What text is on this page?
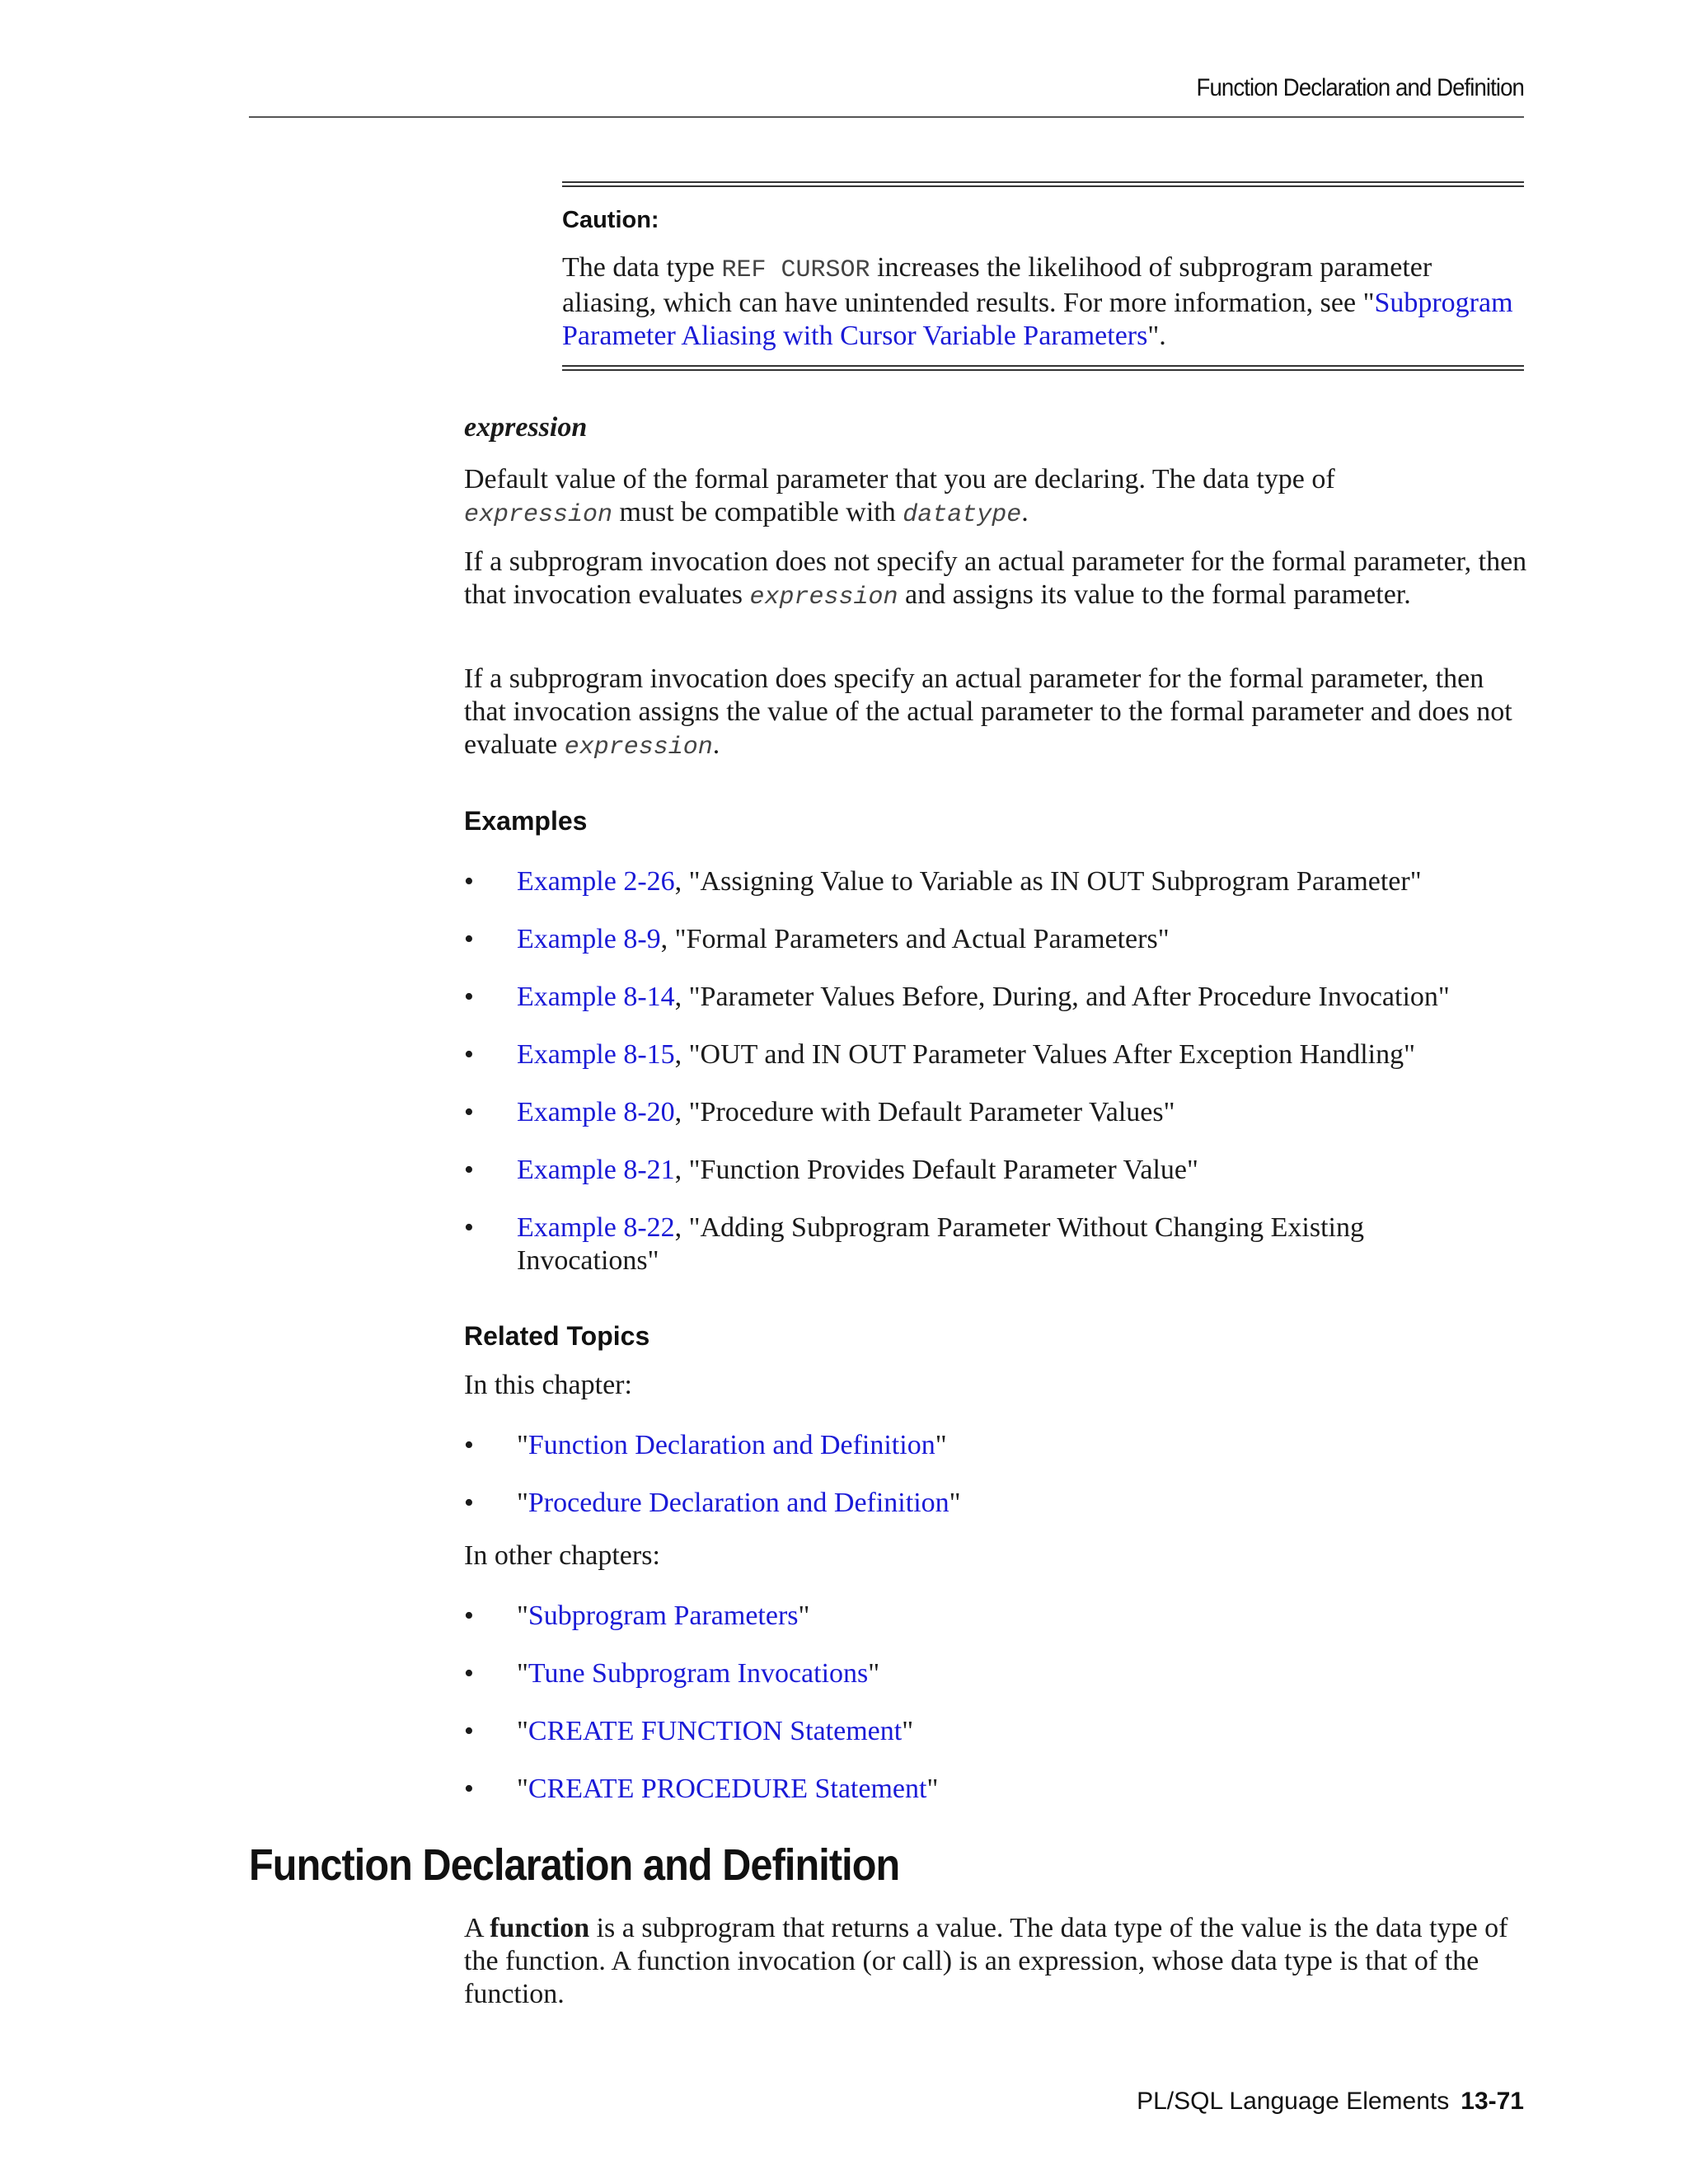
Function Declaration and Definition
Caution:
The data type REF CURSOR increases the likelihood of subprogram parameter aliasing, which can have unintended results. For more information, see "Subprogram Parameter Aliasing with Cursor Variable Parameters".
expression
Default value of the formal parameter that you are declaring. The data type of
expression must be compatible with datatype.
If a subprogram invocation does not specify an actual parameter for the formal parameter, then that invocation evaluates expression and assigns its value to the formal parameter.
If a subprogram invocation does specify an actual parameter for the formal parameter, then that invocation assigns the value of the actual parameter to the formal parameter and does not evaluate expression.
Examples
•	Example 2-26, "Assigning Value to Variable as IN OUT Subprogram Parameter"
•	Example 8-9, "Formal Parameters and Actual Parameters"
•	Example 8-14, "Parameter Values Before, During, and After Procedure Invocation"
•	Example 8-15, "OUT and IN OUT Parameter Values After Exception Handling"
•	Example 8-20, "Procedure with Default Parameter Values"
•	Example 8-21, "Function Provides Default Parameter Value"
•	Example 8-22, "Adding Subprogram Parameter Without Changing Existing Invocations"
Related Topics
In this chapter:
•	"Function Declaration and Definition"
•	"Procedure Declaration and Definition"
In other chapters:
•	"Subprogram Parameters"
•	"Tune Subprogram Invocations"
•	"CREATE FUNCTION Statement"
•	"CREATE PROCEDURE Statement"
Function Declaration and Definition
A function is a subprogram that returns a value. The data type of the value is the data type of the function. A function invocation (or call) is an expression, whose data type is that of the function.
PL/SQL Language Elements 13-71
